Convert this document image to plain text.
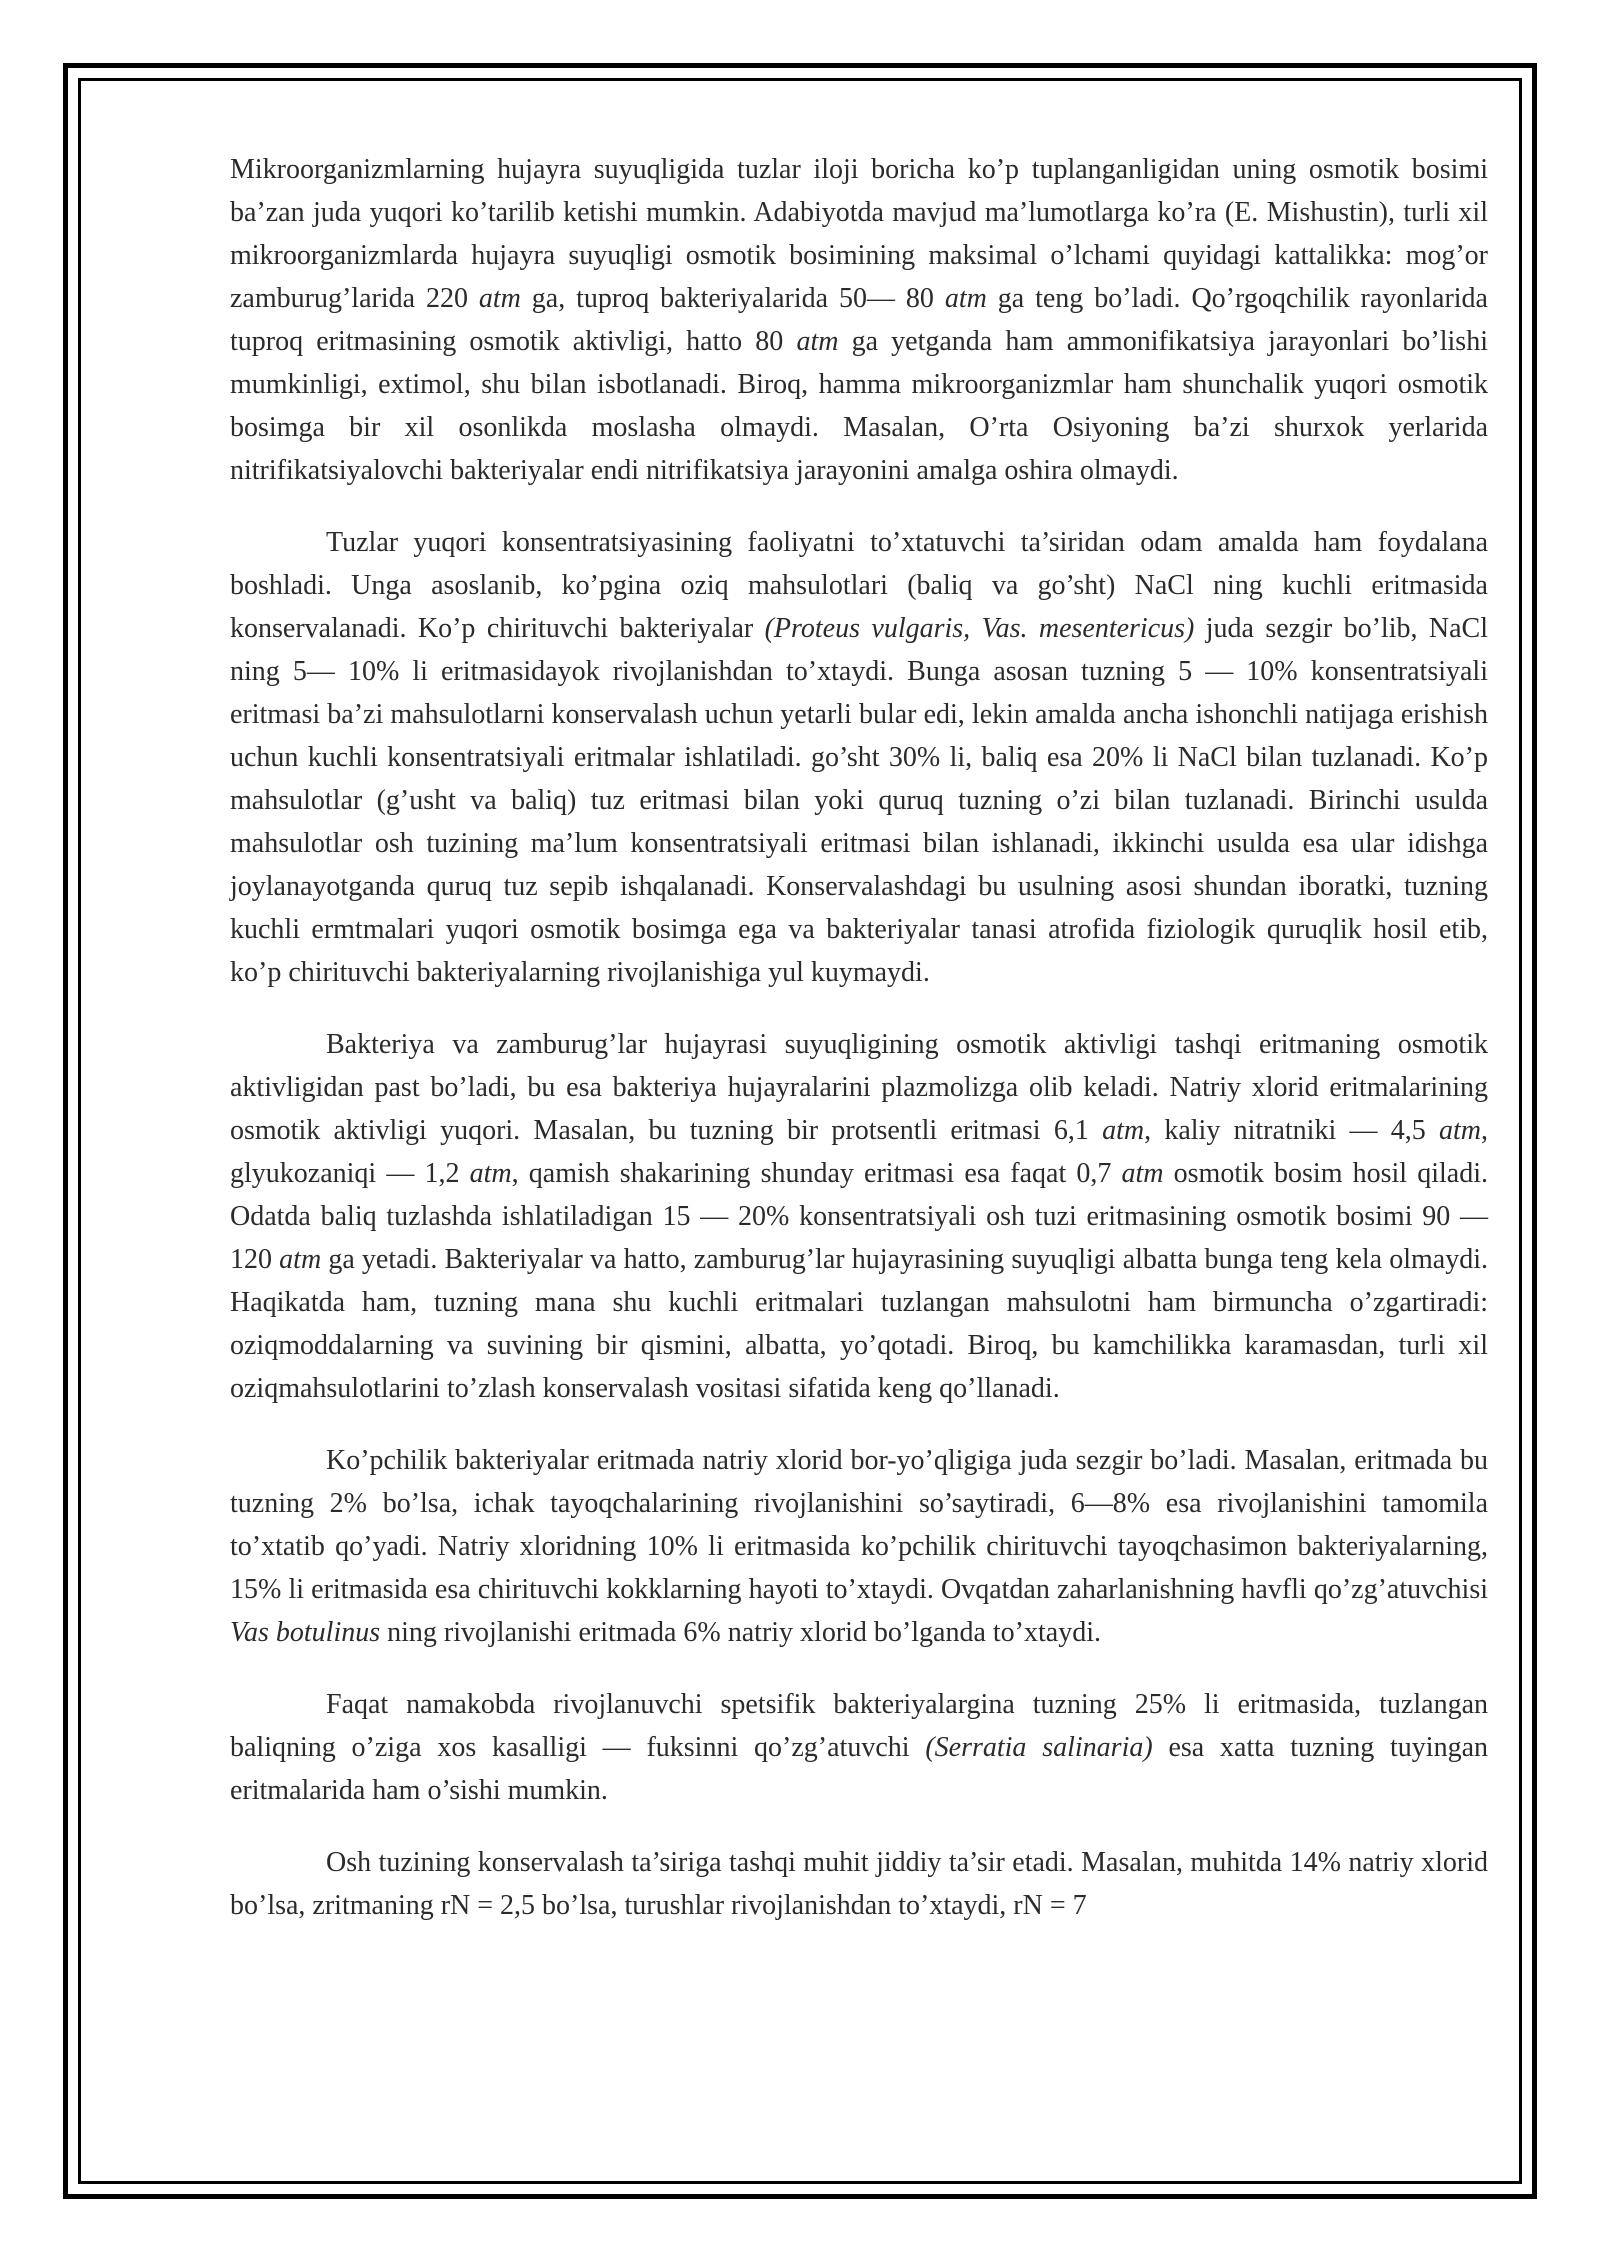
Mikroorganizmlarning hujayra suyuqligida tuzlar iloji boricha ko’p tuplanganligidan uning osmotik bosimi ba’zan juda yuqori ko’tarilib ketishi mumkin. Adabiyotda mavjud ma’lumotlarga ko’ra (E. Mishustin), turli xil mikroorganizmlarda hujayra suyuqligi osmotik bosimining maksimal o’lchami quyidagi kattalikka: mog’or zamburug’larida 220 atm ga, tuproq bakteriyalarida 50— 80 atm ga teng bo’ladi. Qo’rgoqchilik rayonlarida tuproq eritmasining osmotik aktivligi, hatto 80 atm ga yetganda ham ammonifikatsiya jarayonlari bo’lishi mumkinligi, extimol, shu bilan isbotlanadi. Biroq, hamma mikroorganizmlar ham shunchalik yuqori osmotik bosimga bir xil osonlikda moslasha olmaydi. Masalan, O’rta Osiyoning ba’zi shurxok yerlarida nitrifikatsiyalovchi bakteriyalar endi nitrifikatsiya jarayonini amalga oshira olmaydi.

Tuzlar yuqori konsentratsiyasining faoliyatni to’xtatuvchi ta’siridan odam amalda ham foydalana boshladi. Unga asoslanib, ko’pgina oziq mahsulotlari (baliq va go’sht) NaCl ning kuchli eritmasida konservalanadi. Ko’p chirituvchi bakteriyalar (Proteus vulgaris, Vas. mesentericus) juda sezgir bo’lib, NaCl ning 5— 10% li eritmasidayok rivojlanishdan to’xtaydi. Bunga asosan tuzning 5 — 10% konsentratsiyali eritmasi ba’zi mahsulotlarni konservalash uchun yetarli bular edi, lekin amalda ancha ishonchli natijaga erishish uchun kuchli konsentratsiyali eritmalar ishlatiladi. go’sht 30% li, baliq esa 20% li NaCl bilan tuzlanadi. Ko’p mahsulotlar (g’usht va baliq) tuz eritmasi bilan yoki quruq tuzning o’zi bilan tuzlanadi. Birinchi usulda mahsulotlar osh tuzining ma’lum konsentratsiyali eritmasi bilan ishlanadi, ikkinchi usulda esa ular idishga joylanayotganda quruq tuz sepib ishqalanadi. Konservalashdagi bu usulning asosi shundan iboratki, tuzning kuchli ermtmalari yuqori osmotik bosimga ega va bakteriyalar tanasi atrofida fiziologik quruqlik hosil etib, ko’p chirituvchi bakteriyalarning rivojlanishiga yul kuymaydi.

Bakteriya va zamburug’lar hujayrasi suyuqligining osmotik aktivligi tashqi eritmaning osmotik aktivligidan past bo’ladi, bu esa bakteriya hujayralarini plazmolizga olib keladi. Natriy xlorid eritmalarining osmotik aktivligi yuqori. Masalan, bu tuzning bir protsentli eritmasi 6,1 atm, kaliy nitratniki — 4,5 atm, glyukozaniqi — 1,2 atm, qamish shakarining shunday eritmasi esa faqat 0,7 atm osmotik bosim hosil qiladi. Odatda baliq tuzlashda ishlatiladigan 15 — 20% konsentratsiyali osh tuzi eritmasining osmotik bosimi 90 — 120 atm ga yetadi. Bakteriyalar va hatto, zamburug’lar hujayrasining suyuqligi albatta bunga teng kela olmaydi. Haqikatda ham, tuzning mana shu kuchli eritmalari tuzlangan mahsulotni ham birmuncha o’zgartiradi: oziqmoddalarning va suvining bir qismini, albatta, yo’qotadi. Biroq, bu kamchilikka karamasdan, turli xil oziqmahsulotlarini to’zlash konservalash vositasi sifatida keng qo’llanadi.

Ko’pchilik bakteriyalar eritmada natriy xlorid bor-yo’qligiga juda sezgir bo’ladi. Masalan, eritmada bu tuzning 2% bo’lsa, ichak tayoqchalarining rivojlanishini so’saytiradi, 6—8% esa rivojlanishini tamomila to’xtatib qo’yadi. Natriy xloridning 10% li eritmasida ko’pchilik chirituvchi tayoqchasimon bakteriyalarning, 15% li eritmasida esa chirituvchi kokklarning hayoti to’xtaydi. Ovqatdan zaharlanishning havfli qo’zg’atuvchisi Vas botulinus ning rivojlanishi eritmada 6% natriy xlorid bo’lganda to’xtaydi.

Faqat namakobda rivojlanuvchi spetsifik bakteriyalargina tuzning 25% li eritmasida, tuzlangan baliqning o’ziga xos kasalligi — fuksinni qo’zg’atuvchi (Serratia salinaria) esa xatta tuzning tuyingan eritmalarida ham o’sishi mumkin.

Osh tuzining konservalash ta’siriga tashqi muhit jiddiy ta’sir etadi. Masalan, muhitda 14% natriy xlorid bo’lsa, zritmaning rN = 2,5 bo’lsa, turushlar rivojlanishdan to’xtaydi, rN = 7
